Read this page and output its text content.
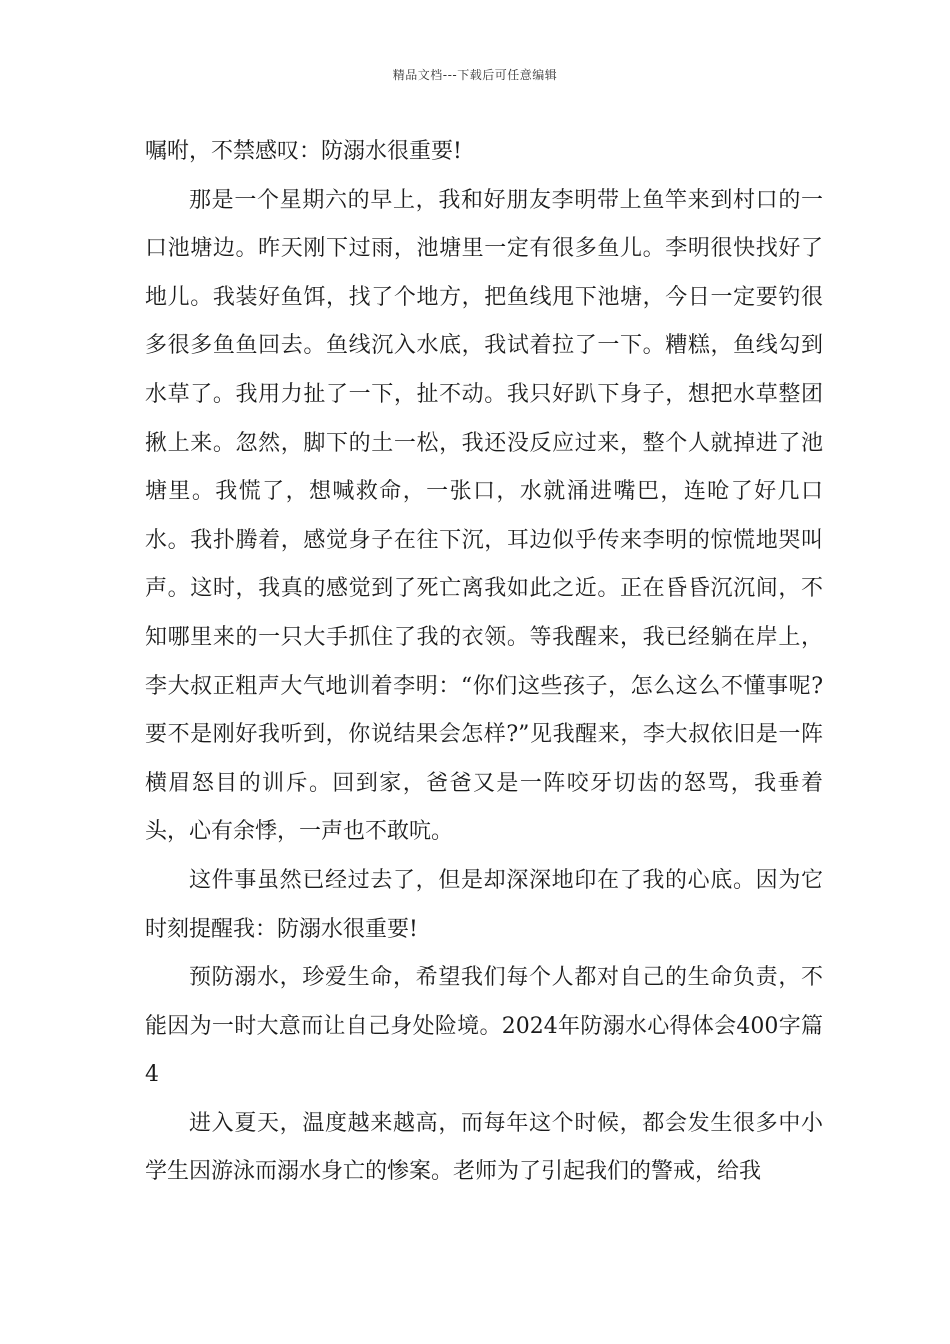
精品文档---下载后可任意编辑

嘱咐，不禁感叹：防溺水很重要!

那是一个星期六的早上，我和好朋友李明带上鱼竿来到村口的一口池塘边。昨天刚下过雨，池塘里一定有很多鱼儿。李明很快找好了地儿。我装好鱼饵，找了个地方，把鱼线甩下池塘，今日一定要钓很多很多鱼鱼回去。鱼线沉入水底，我试着拉了一下。糟糕，鱼线勾到水草了。我用力扯了一下，扯不动。我只好趴下身子，想把水草整团揪上来。忽然，脚下的土一松，我还没反应过来，整个人就掉进了池塘里。我慌了，想喊救命，一张口，水就涌进嘴巴，连呛了好几口水。我扑腾着，感觉身子在往下沉，耳边似乎传来李明的惊慌地哭叫声。这时，我真的感觉到了死亡离我如此之近。正在昏昏沉沉间，不知哪里来的一只大手抓住了我的衣领。等我醒来，我已经躺在岸上，李大叔正粗声大气地训着李明：“你们这些孩子，怎么这么不懂事呢?要不是刚好我听到，你说结果会怎样?”见我醒来，李大叔依旧是一阵横眉怒目的训斥。回到家，爸爸又是一阵咬牙切齿的怒骂，我垂着头，心有余悸，一声也不敢吭。

这件事虽然已经过去了，但是却深深地印在了我的心底。因为它时刻提醒我：防溺水很重要!

预防溺水，珍爱生命，希望我们每个人都对自己的生命负责，不能因为一时大意而让自己身处险境。2024年防溺水心得体会400字篇4

进入夏天，温度越来越高，而每年这个时候，都会发生很多中小学生因游泳而溺水身亡的惨案。老师为了引起我们的警戒，给我
